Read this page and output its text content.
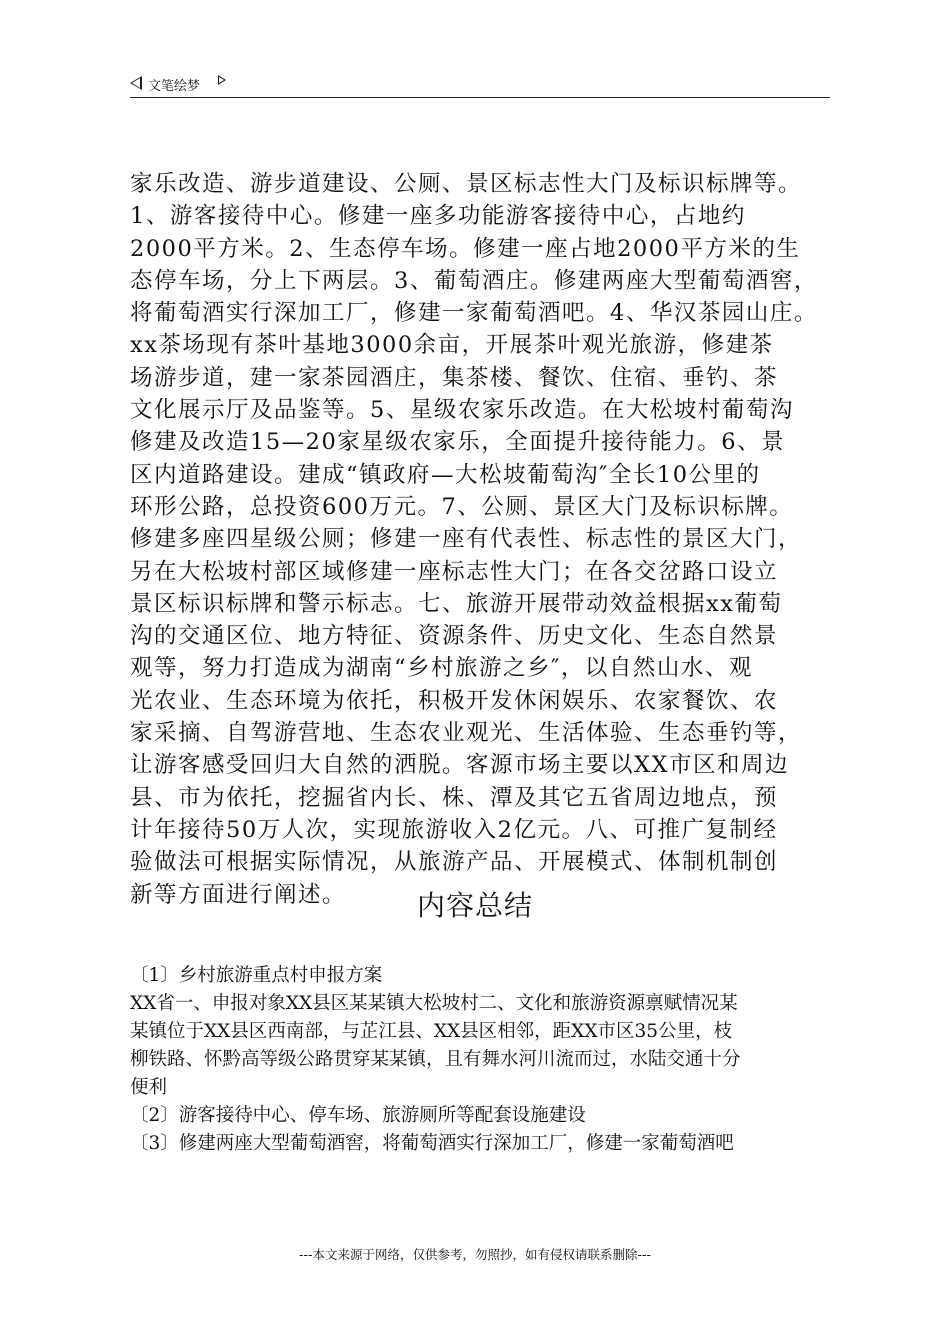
文笔绘梦
家乐改造、游步道建设、公厕、景区标志性大门及标识标牌等。
1、游客接待中心。修建一座多功能游客接待中心，占地约
2000平方米。2、生态停车场。修建一座占地2000平方米的生
态停车场，分上下两层。3、葡萄酒庄。修建两座大型葡萄酒窖，
将葡萄酒实行深加工厂，修建一家葡萄酒吧。4、华汉茶园山庄。
xx茶场现有茶叶基地3000余亩，开展茶叶观光旅游，修建茶
场游步道，建一家茶园酒庄，集茶楼、餐饮、住宿、垂钓、茶
文化展示厅及品鉴等。5、星级农家乐改造。在大松坡村葡萄沟
修建及改造15—20家星级农家乐，全面提升接待能力。6、景
区内道路建设。建成“镇政府—大松坡葡萄沟″全长10公里的
环形公路，总投资600万元。7、公厕、景区大门及标识标牌。
修建多座四星级公厕；修建一座有代表性、标志性的景区大门，
另在大松坡村部区域修建一座标志性大门；在各交岔路口设立
景区标识标牌和警示标志。七、旅游开展带动效益根据xx葡萄
沟的交通区位、地方特征、资源条件、历史文化、生态自然景
观等，努力打造成为湖南“乡村旅游之乡″，以自然山水、观
光农业、生态环境为依托，积极开发休闲娱乐、农家餐饮、农
家采摘、自驾游营地、生态农业观光、生活体验、生态垂钓等，
让游客感受回归大自然的洒脱。客源市场主要以XX市区和周边
县、市为依托，挖掘省内长、株、潭及其它五省周边地点，预
计年接待50万人次，实现旅游收入2亿元。八、可推广复制经
验做法可根据实际情况，从旅游产品、开展模式、体制机制创
新等方面进行阐述。	内容总结
〔1〕乡村旅游重点村申报方案
XX省一、申报对象XX县区某某镇大松坡村二、文化和旅游资源禀赋情况某
某镇位于XX县区西南部，与芷江县、XX县区相邻，距XX市区35公里，枝
柳铁路、怀黔高等级公路贯穿某某镇，且有舞水河川流而过，水陆交通十分
便利
〔2〕游客接待中心、停车场、旅游厕所等配套设施建设
〔3〕修建两座大型葡萄酒窖，将葡萄酒实行深加工厂，修建一家葡萄酒吧
---本文来源于网络，仅供参考，勿照抄，如有侵权请联系删除---
